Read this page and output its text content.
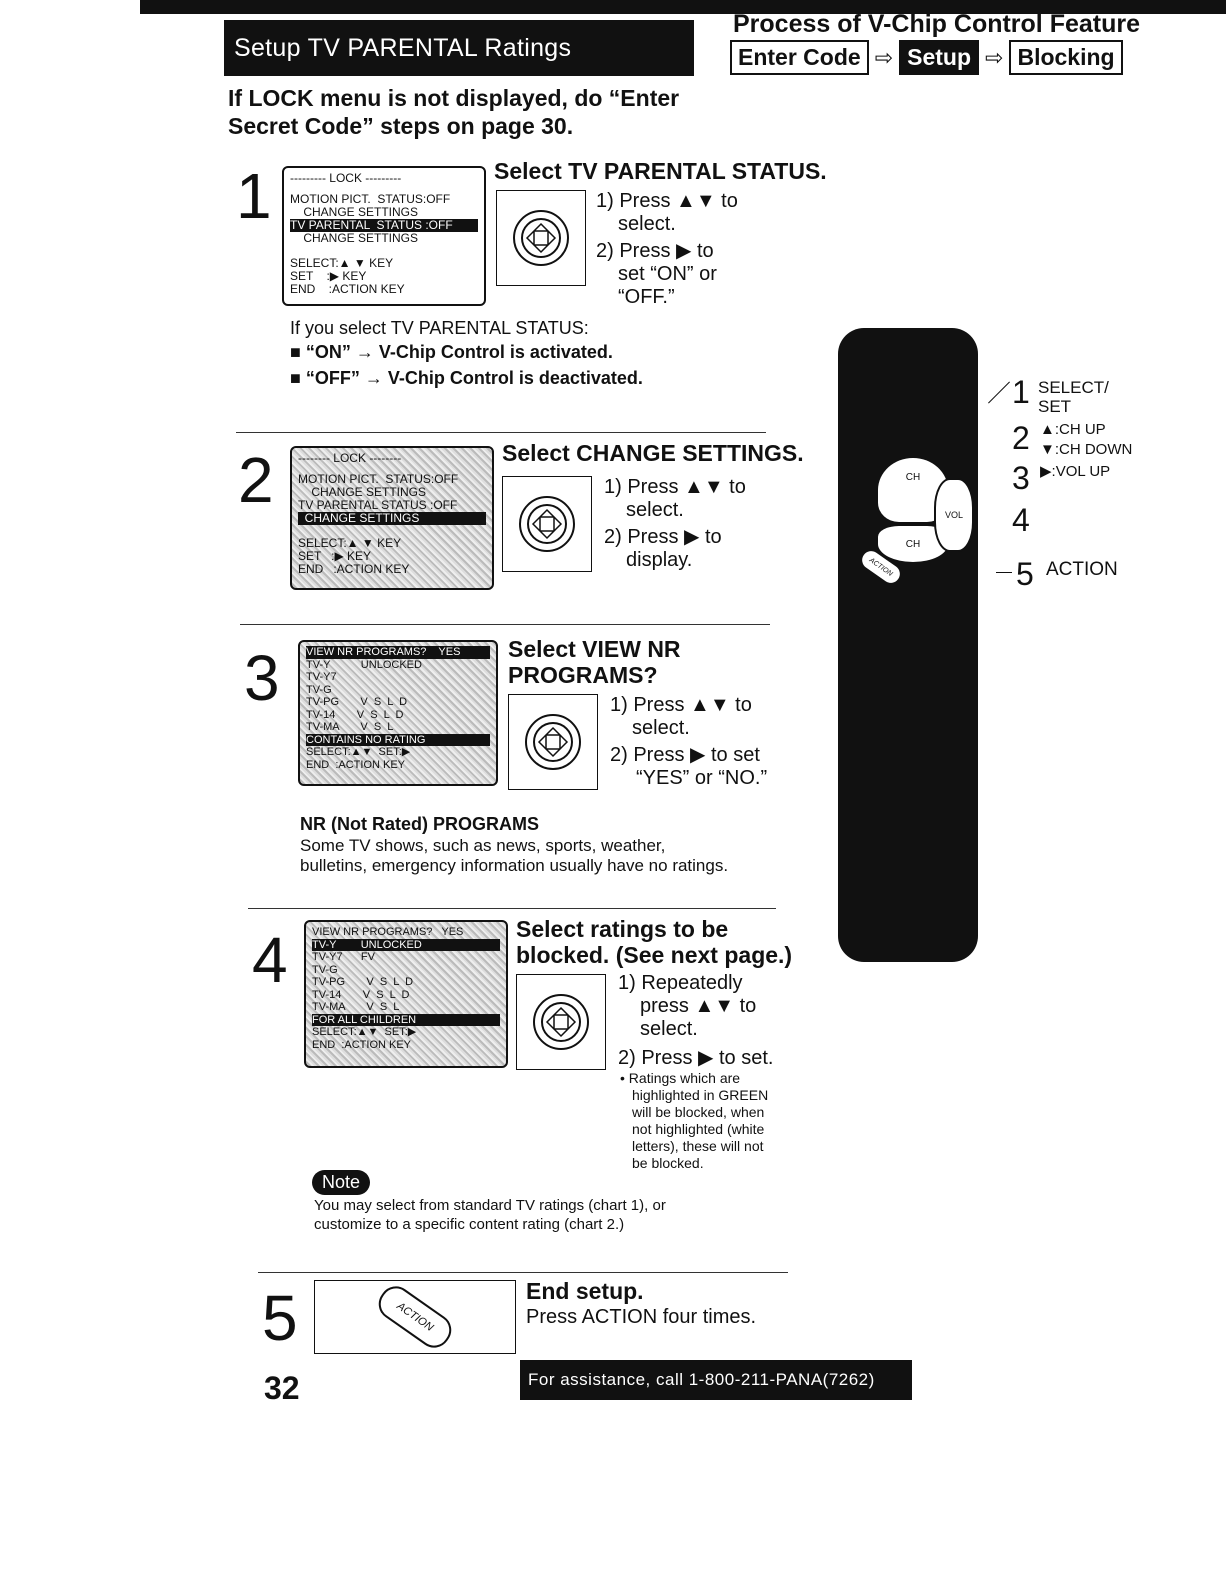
Setup TV PARENTAL Ratings
Process of V-Chip Control Feature
Enter Code ⇨ Setup ⇨ Blocking
If LOCK menu is not displayed, do “Enter Secret Code” steps on page 30.
1 --------- LOCK ---------
MOTION PICT.  STATUS:OFF
CHANGE SETTINGS
TV PARENTAL  STATUS :OFF
CHANGE SETTINGS
SELECT:▲ ▼ KEY
SET    :▶ KEY
END    :ACTION KEY
Select TV PARENTAL STATUS.
1) Press ▲▼ to
select.
2) Press ▶ to
set “ON” or
“OFF.”
If you select TV PARENTAL STATUS:
■ “ON” → V-Chip Control is activated.
■ “OFF” → V-Chip Control is deactivated.
2 -------- LOCK --------
MOTION PICT.  STATUS:OFF
CHANGE SETTINGS
TV PARENTAL STATUS :OFF
CHANGE SETTINGS
SELECT:▲ ▼ KEY
SET   :▶ KEY
END   :ACTION KEY
Select CHANGE SETTINGS.
1) Press ▲▼ to
select.
2) Press ▶ to
display.
3 VIEW NR PROGRAMS?    YES
TV-Y          UNLOCKED
TV-Y7
TV-G
TV-PG       V  S  L  D
TV-14       V  S  L  D
TV-MA       V  S  L
CONTAINS NO RATING
SELECT:▲▼  SET:▶
END  :ACTION KEY
Select VIEW NR
PROGRAMS?
1) Press ▲▼ to
select.
2) Press ▶ to set
“YES” or “NO.”
NR (Not Rated) PROGRAMS
Some TV shows, such as news, sports, weather,
bulletins, emergency information usually have no ratings.
4 VIEW NR PROGRAMS?   YES
TV-Y        UNLOCKED
TV-Y7      FV
TV-G
TV-PG       V  S  L  D
TV-14       V  S  L  D
TV-MA       V  S  L
FOR ALL CHILDREN
SELECT:▲▼  SET:▶
END  :ACTION KEY
Select ratings to be
blocked. (See next page.)
1) Repeatedly
press ▲▼ to
select.
2) Press ▶ to set.
• Ratings which are
highlighted in GREEN
will be blocked, when
not highlighted (white
letters), these will not
be blocked.
Note
You may select from standard TV ratings (chart 1), or
customize to a specific content rating (chart 2.)
5	ACTION
End setup.
Press ACTION four times.
32	For assistance, call 1-800-211-PANA(7262)
CH
CH
VOL
ACTION
1 SELECT/
SET
2 ▲:CH UP
▼:CH DOWN
3 ▶:VOL UP
4
5 ACTION
